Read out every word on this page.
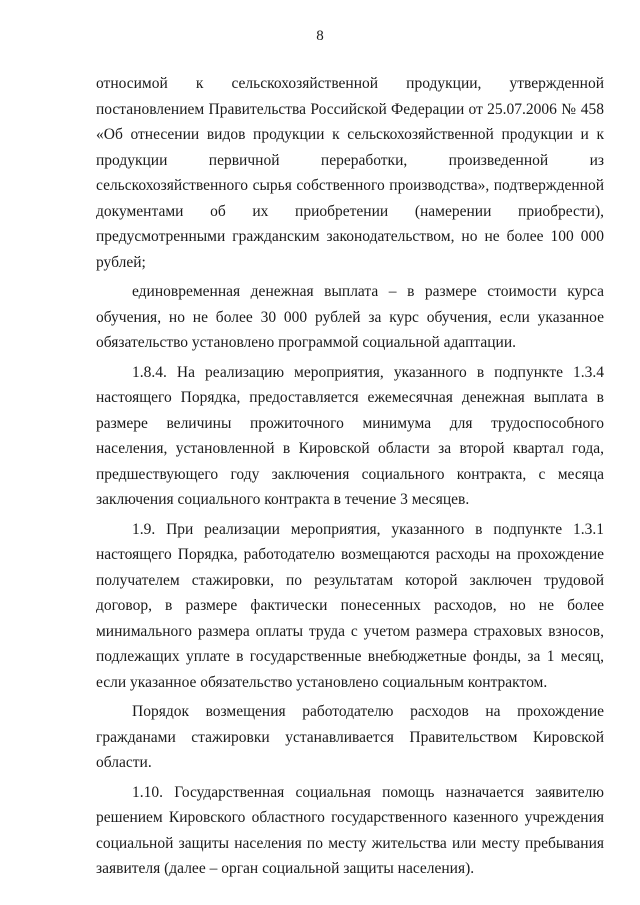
8

относимой к сельскохозяйственной продукции, утвержденной постановлением Правительства Российской Федерации от 25.07.2006 № 458 «Об отнесении видов продукции к сельскохозяйственной продукции и к продукции первичной переработки, произведенной из сельскохозяйственного сырья собственного производства», подтвержденной документами об их приобретении (намерении приобрести), предусмотренными гражданским законодательством, но не более 100 000 рублей;

единовременная денежная выплата – в размере стоимости курса обучения, но не более 30 000 рублей за курс обучения, если указанное обязательство установлено программой социальной адаптации.

1.8.4. На реализацию мероприятия, указанного в подпункте 1.3.4 настоящего Порядка, предоставляется ежемесячная денежная выплата в размере величины прожиточного минимума для трудоспособного населения, установленной в Кировской области за второй квартал года, предшествующего году заключения социального контракта, с месяца заключения социального контракта в течение 3 месяцев.

1.9. При реализации мероприятия, указанного в подпункте 1.3.1 настоящего Порядка, работодателю возмещаются расходы на прохождение получателем стажировки, по результатам которой заключен трудовой договор, в размере фактически понесенных расходов, но не более минимального размера оплаты труда с учетом размера страховых взносов, подлежащих уплате в государственные внебюджетные фонды, за 1 месяц, если указанное обязательство установлено социальным контрактом.

Порядок возмещения работодателю расходов на прохождение гражданами стажировки устанавливается Правительством Кировской области.

1.10. Государственная социальная помощь назначается заявителю решением Кировского областного государственного казенного учреждения социальной защиты населения по месту жительства или месту пребывания заявителя (далее – орган социальной защиты населения).
